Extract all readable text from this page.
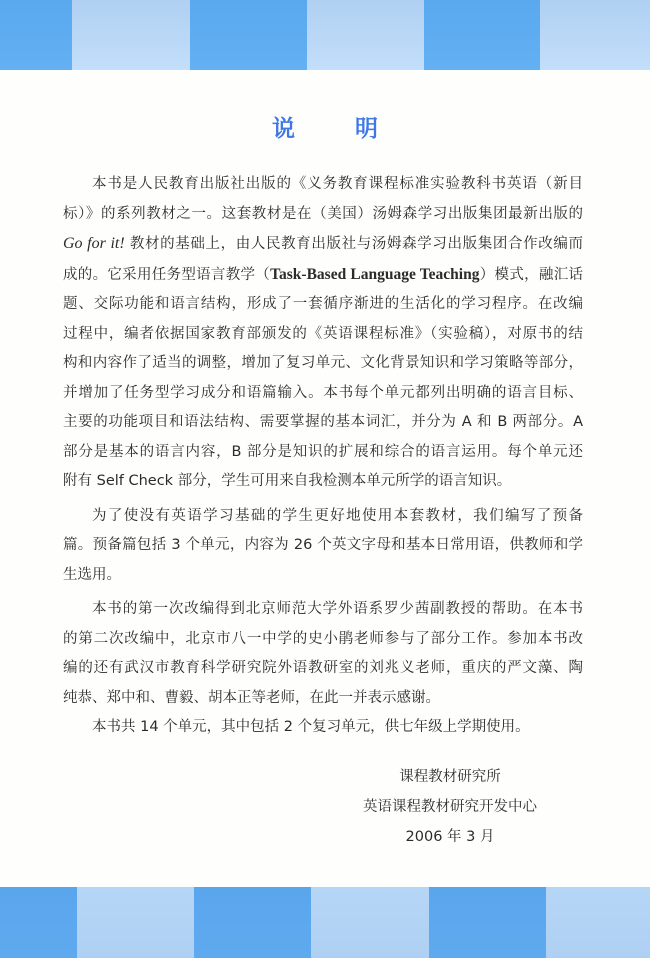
说	明
本书是人民教育出版社出版的《义务教育课程标准实验教科书英语（新目
标）》的系列教材之一。这套教材是在（美国）汤姆森学习出版集团最新出版的
Go for it! 教材的基础上，由人民教育出版社与汤姆森学习出版集团合作改编而
成的。它采用任务型语言教学（Task-Based Language Teaching）模式，融汇话
题、交际功能和语言结构，形成了一套循序渐进的生活化的学习程序。在改编
过程中，编者依据国家教育部颁发的《英语课程标准》（实验稿），对原书的结
构和内容作了适当的调整，增加了复习单元、文化背景知识和学习策略等部分，
并增加了任务型学习成分和语篇输入。本书每个单元都列出明确的语言目标、
主要的功能项目和语法结构、需要掌握的基本词汇，并分为 A 和 B 两部分。A
部分是基本的语言内容，B 部分是知识的扩展和综合的语言运用。每个单元还
附有 Self Check 部分，学生可用来自我检测本单元所学的语言知识。
为了使没有英语学习基础的学生更好地使用本套教材，我们编写了预备
篇。预备篇包括 3 个单元，内容为 26 个英文字母和基本日常用语，供教师和学
生选用。
本书的第一次改编得到北京师范大学外语系罗少茜副教授的帮助。在本书
的第二次改编中，北京市八一中学的史小鹃老师参与了部分工作。参加本书改
编的还有武汉市教育科学研究院外语教研室的刘兆义老师，重庆的严文藻、陶
纯恭、郑中和、曹毅、胡本正等老师，在此一并表示感谢。
本书共 14 个单元，其中包括 2 个复习单元，供七年级上学期使用。
课程教材研究所
英语课程教材研究开发中心
2006 年 3 月
